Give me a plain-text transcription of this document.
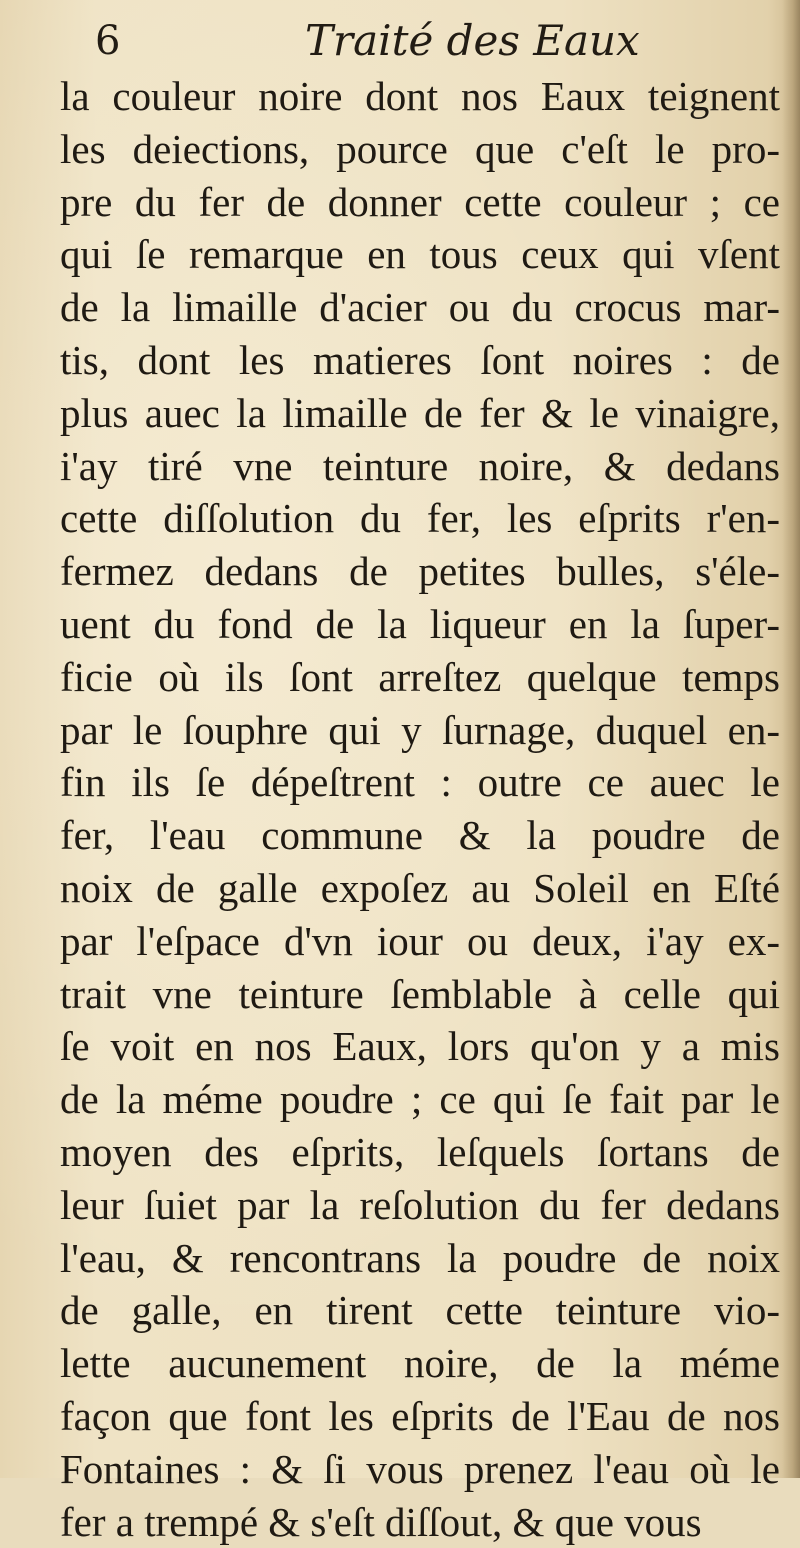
6	Traité des Eaux
la couleur noire dont nos Eaux teignent
les deiections, pource que c'eſt le pro-
pre du fer de donner cette couleur ; ce
qui ſe remarque en tous ceux qui vſent
de la limaille d'acier ou du crocus mar-
tis, dont les matieres ſont noires : de
plus auec la limaille de fer & le vinaigre,
i'ay tiré vne teinture noire, & dedans
cette diſſolution du fer, les eſprits r'en-
fermez dedans de petites bulles, s'éle-
uent du fond de la liqueur en la ſuper-
ficie où ils ſont arreſtez quelque temps
par le ſouphre qui y ſurnage, duquel en-
fin ils ſe dépeſtrent : outre ce auec le
fer, l'eau commune & la poudre de
noix de galle expoſez au Soleil en Eſté
par l'eſpace d'vn iour ou deux, i'ay ex-
trait vne teinture ſemblable à celle qui
ſe voit en nos Eaux, lors qu'on y a mis
de la méme poudre ; ce qui ſe fait par le
moyen des eſprits, leſquels ſortans de
leur ſuiet par la reſolution du fer dedans
l'eau, & rencontrans la poudre de noix
de galle, en tirent cette teinture vio-
lette aucunement noire, de la méme
façon que font les eſprits de l'Eau de nos
Fontaines : & ſi vous prenez l'eau où le
fer a trempé & s'eſt diſſout, & que vous
